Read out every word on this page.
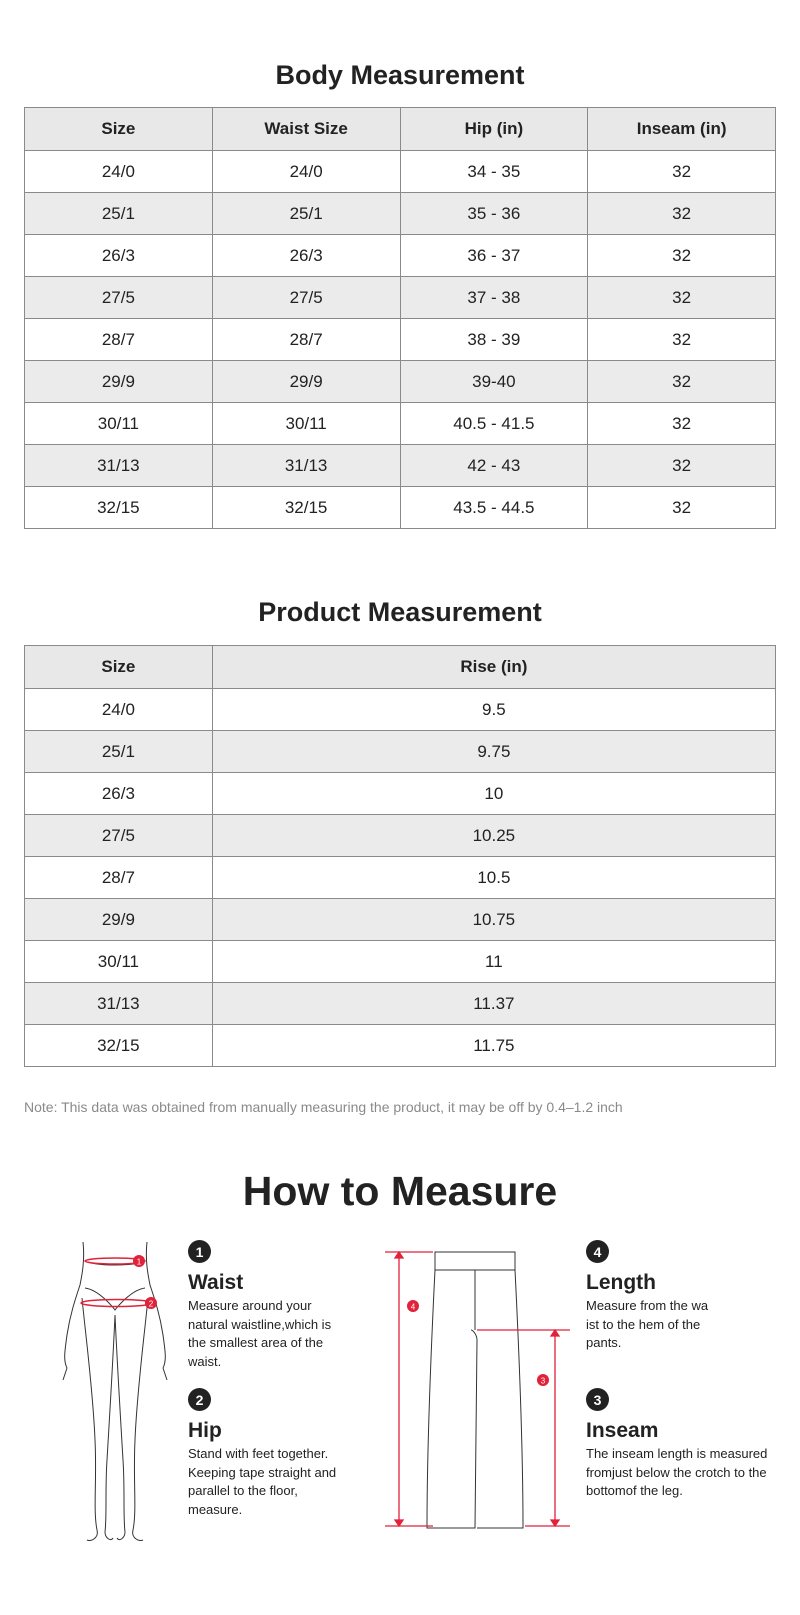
Body Measurement
Size	Waist Size	Hip (in)	Inseam (in)
24/0	24/0	34 - 35	32
25/1	25/1	35 - 36	32
26/3	26/3	36 - 37	32
27/5	27/5	37 - 38	32
28/7	28/7	38 - 39	32
29/9	29/9	39-40	32
30/11	30/11	40.5 - 41.5	32
31/13	31/13	42 - 43	32
32/15	32/15	43.5 - 44.5	32
Product Measurement
Size	Rise (in)
24/0	9.5
25/1	9.75
26/3	10
27/5	10.25
28/7	10.5
29/9	10.75
30/11	11
31/13	11.37
32/15	11.75
Note: This data was obtained from manually measuring the product, it may be off by 0.4–1.2 inch
How to Measure
1
2
1
Waist
Measure around your natural waistline,which is the smallest area of the waist.
2
Hip
Stand with feet together. Keeping tape straight and parallel to the floor, measure.
4
3
4
Length
Measure from the wa ist to the hem of the pants.
3
Inseam
The inseam length is measured fromjust below the crotch to the bottomof the leg.
